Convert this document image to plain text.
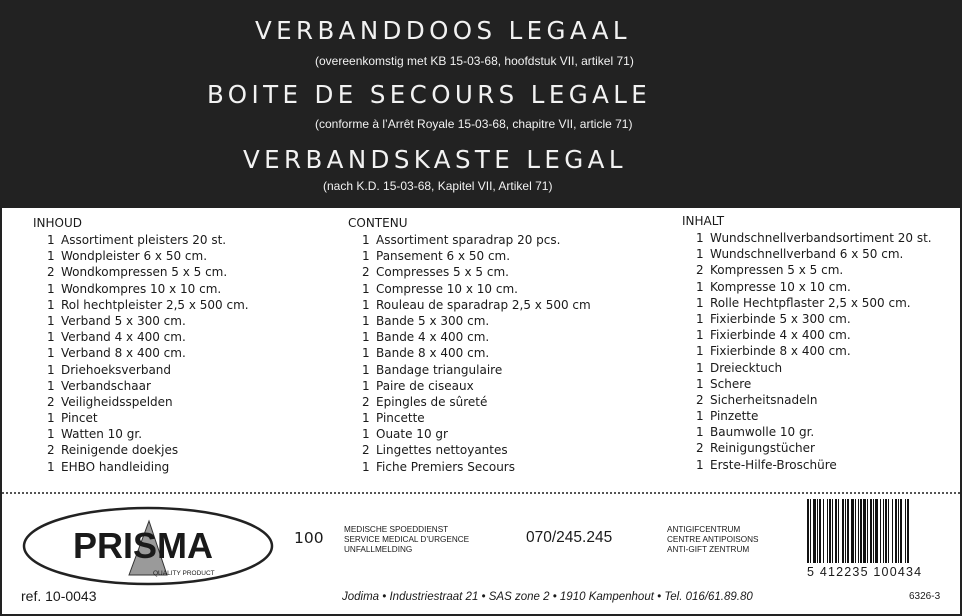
VERBANDDOOS LEGAAL
(overeenkomstig met KB 15-03-68, hoofdstuk VII, artikel 71)
BOITE DE SECOURS LEGALE
(conforme à l’Arrêt Royale 15-03-68, chapitre VII, article 71)
VERBANDSKASTE LEGAL
(nach K.D. 15-03-68, Kapitel VII, Artikel 71)
INHOUD
1 Assortiment pleisters 20 st.
1 Wondpleister 6 x 50 cm.
2 Wondkompressen 5 x 5 cm.
1 Wondkompres 10 x 10 cm.
1 Rol hechtpleister 2,5 x 500 cm.
1 Verband 5 x 300 cm.
1 Verband 4 x 400 cm.
1 Verband 8 x 400 cm.
1 Driehoeksverband
1 Verbandschaar
2 Veiligheidsspelden
1 Pincet
1 Watten 10 gr.
2 Reinigende doekjes
1 EHBO handleiding
CONTENU
1 Assortiment sparadrap 20 pcs.
1 Pansement 6 x 50 cm.
2 Compresses 5 x 5 cm.
1 Compresse 10 x 10 cm.
1 Rouleau de sparadrap 2,5 x 500 cm
1 Bande 5 x 300 cm.
1 Bande 4 x 400 cm.
1 Bande 8 x 400 cm.
1 Bandage triangulaire
1 Paire de ciseaux
2 Epingles de sûreté
1 Pincette
1 Ouate 10 gr
2 Lingettes nettoyantes
1 Fiche Premiers Secours
INHALT
1 Wundschnellverbandsortiment 20 st.
1 Wundschnellverband 6 x 50 cm.
2 Kompressen 5 x 5 cm.
1 Kompresse 10 x 10 cm.
1 Rolle Hechtpflaster 2,5 x 500 cm.
1 Fixierbinde 5 x 300 cm.
1 Fixierbinde 4 x 400 cm.
1 Fixierbinde 8 x 400 cm.
1 Dreiecktuch
1 Schere
2 Sicherheitsnadeln
1 Pinzette
1 Baumwolle 10 gr.
2 Reinigungstücher
1 Erste-Hilfe-Broschüre
PRISMA
QUALITY PRODUCT
100 MEDISCHE SPOEDDIENST
SERVICE MEDICAL D’URGENCE
UNFALLMELDING
070/245.245	ANTIGIFCENTRUM
CENTRE ANTIPOISONS
ANTI-GIFT ZENTRUM
5 412235 100434
ref. 10-0043	Jodima • Industriestraat 21 • SAS zone 2 • 1910 Kampenhout • Tel. 016/61.89.80	6326-3
